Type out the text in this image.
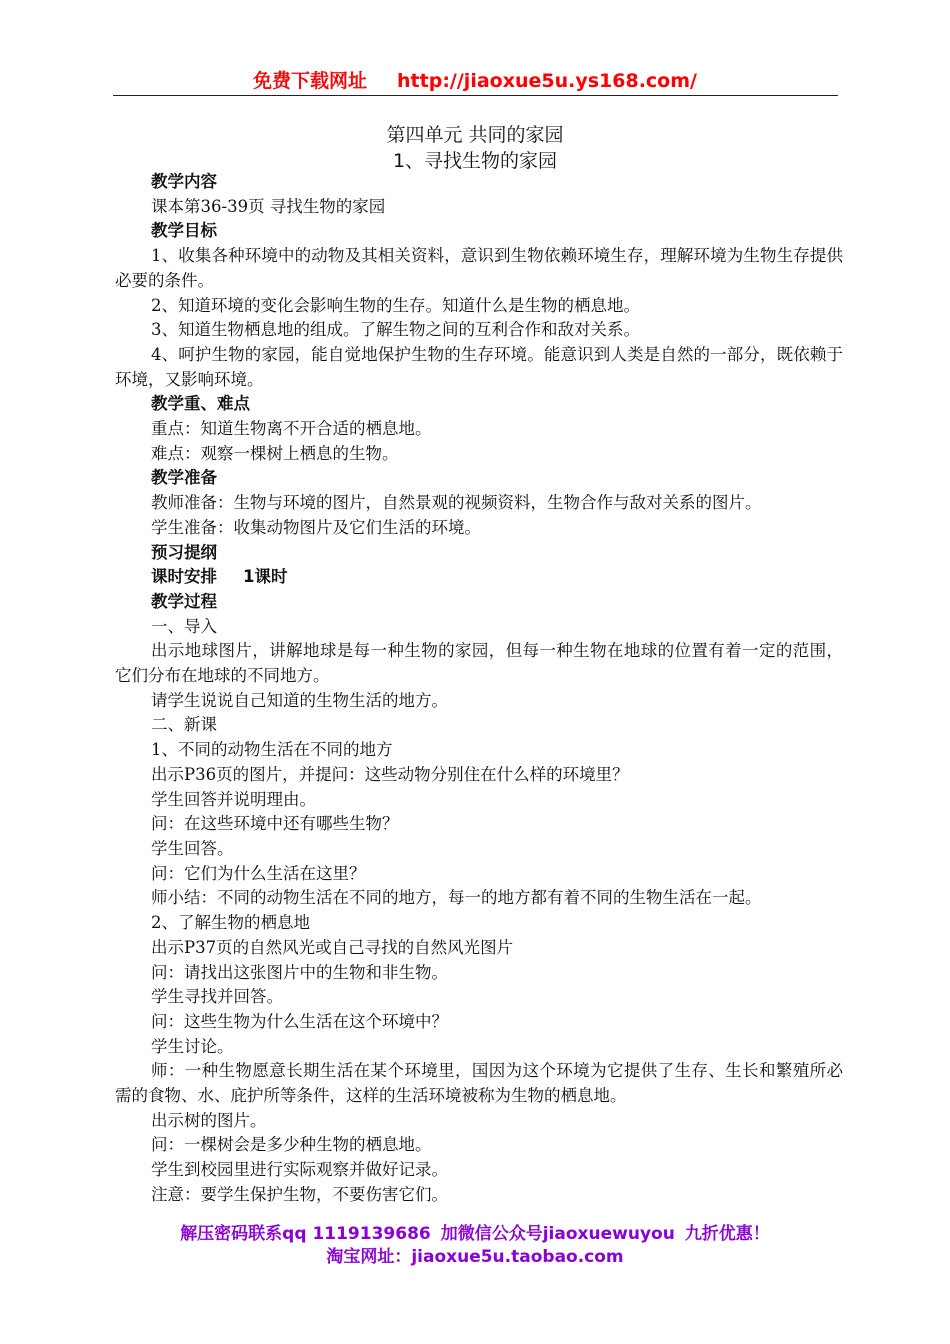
免费下载网址 http://jiaoxue5u.ys168.com/
第四单元 共同的家园
1、寻找生物的家园

教学内容

课本第36-39页 寻找生物的家园

教学目标

1、收集各种环境中的动物及其相关资料，意识到生物依赖环境生存，理解环境为生物生存提供必要的条件。

2、知道环境的变化会影响生物的生存。知道什么是生物的栖息地。

3、知道生物栖息地的组成。了解生物之间的互利合作和敌对关系。

4、呵护生物的家园，能自觉地保护生物的生存环境。能意识到人类是自然的一部分，既依赖于环境，又影响环境。

教学重、难点

重点：知道生物离不开合适的栖息地。

难点：观察一棵树上栖息的生物。

教学准备

教师准备：生物与环境的图片，自然景观的视频资料，生物合作与敌对关系的图片。

学生准备：收集动物图片及它们生活的环境。

预习提纲

课时安排 1课时

教学过程

一、导入

出示地球图片，讲解地球是每一种生物的家园，但每一种生物在地球的位置有着一定的范围，它们分布在地球的不同地方。

请学生说说自己知道的生物生活的地方。

二、新课

1、不同的动物生活在不同的地方

出示P36页的图片，并提问：这些动物分别住在什么样的环境里？

学生回答并说明理由。

问：在这些环境中还有哪些生物？

学生回答。

问：它们为什么生活在这里？

师小结：不同的动物生活在不同的地方，每一的地方都有着不同的生物生活在一起。

2、了解生物的栖息地

出示P37页的自然风光或自己寻找的自然风光图片

问：请找出这张图片中的生物和非生物。

学生寻找并回答。

问：这些生物为什么生活在这个环境中？

学生讨论。

师：一种生物愿意长期生活在某个环境里，国因为这个环境为它提供了生存、生长和繁殖所必需的食物、水、庇护所等条件，这样的生活环境被称为生物的栖息地。

出示树的图片。

问：一棵树会是多少种生物的栖息地。

学生到校园里进行实际观察并做好记录。

注意：要学生保护生物，不要伤害它们。

解压密码联系qq 1119139686 加微信公众号jiaoxuewuyou 九折优惠！
淘宝网址：jiaoxue5u.taobao.com
